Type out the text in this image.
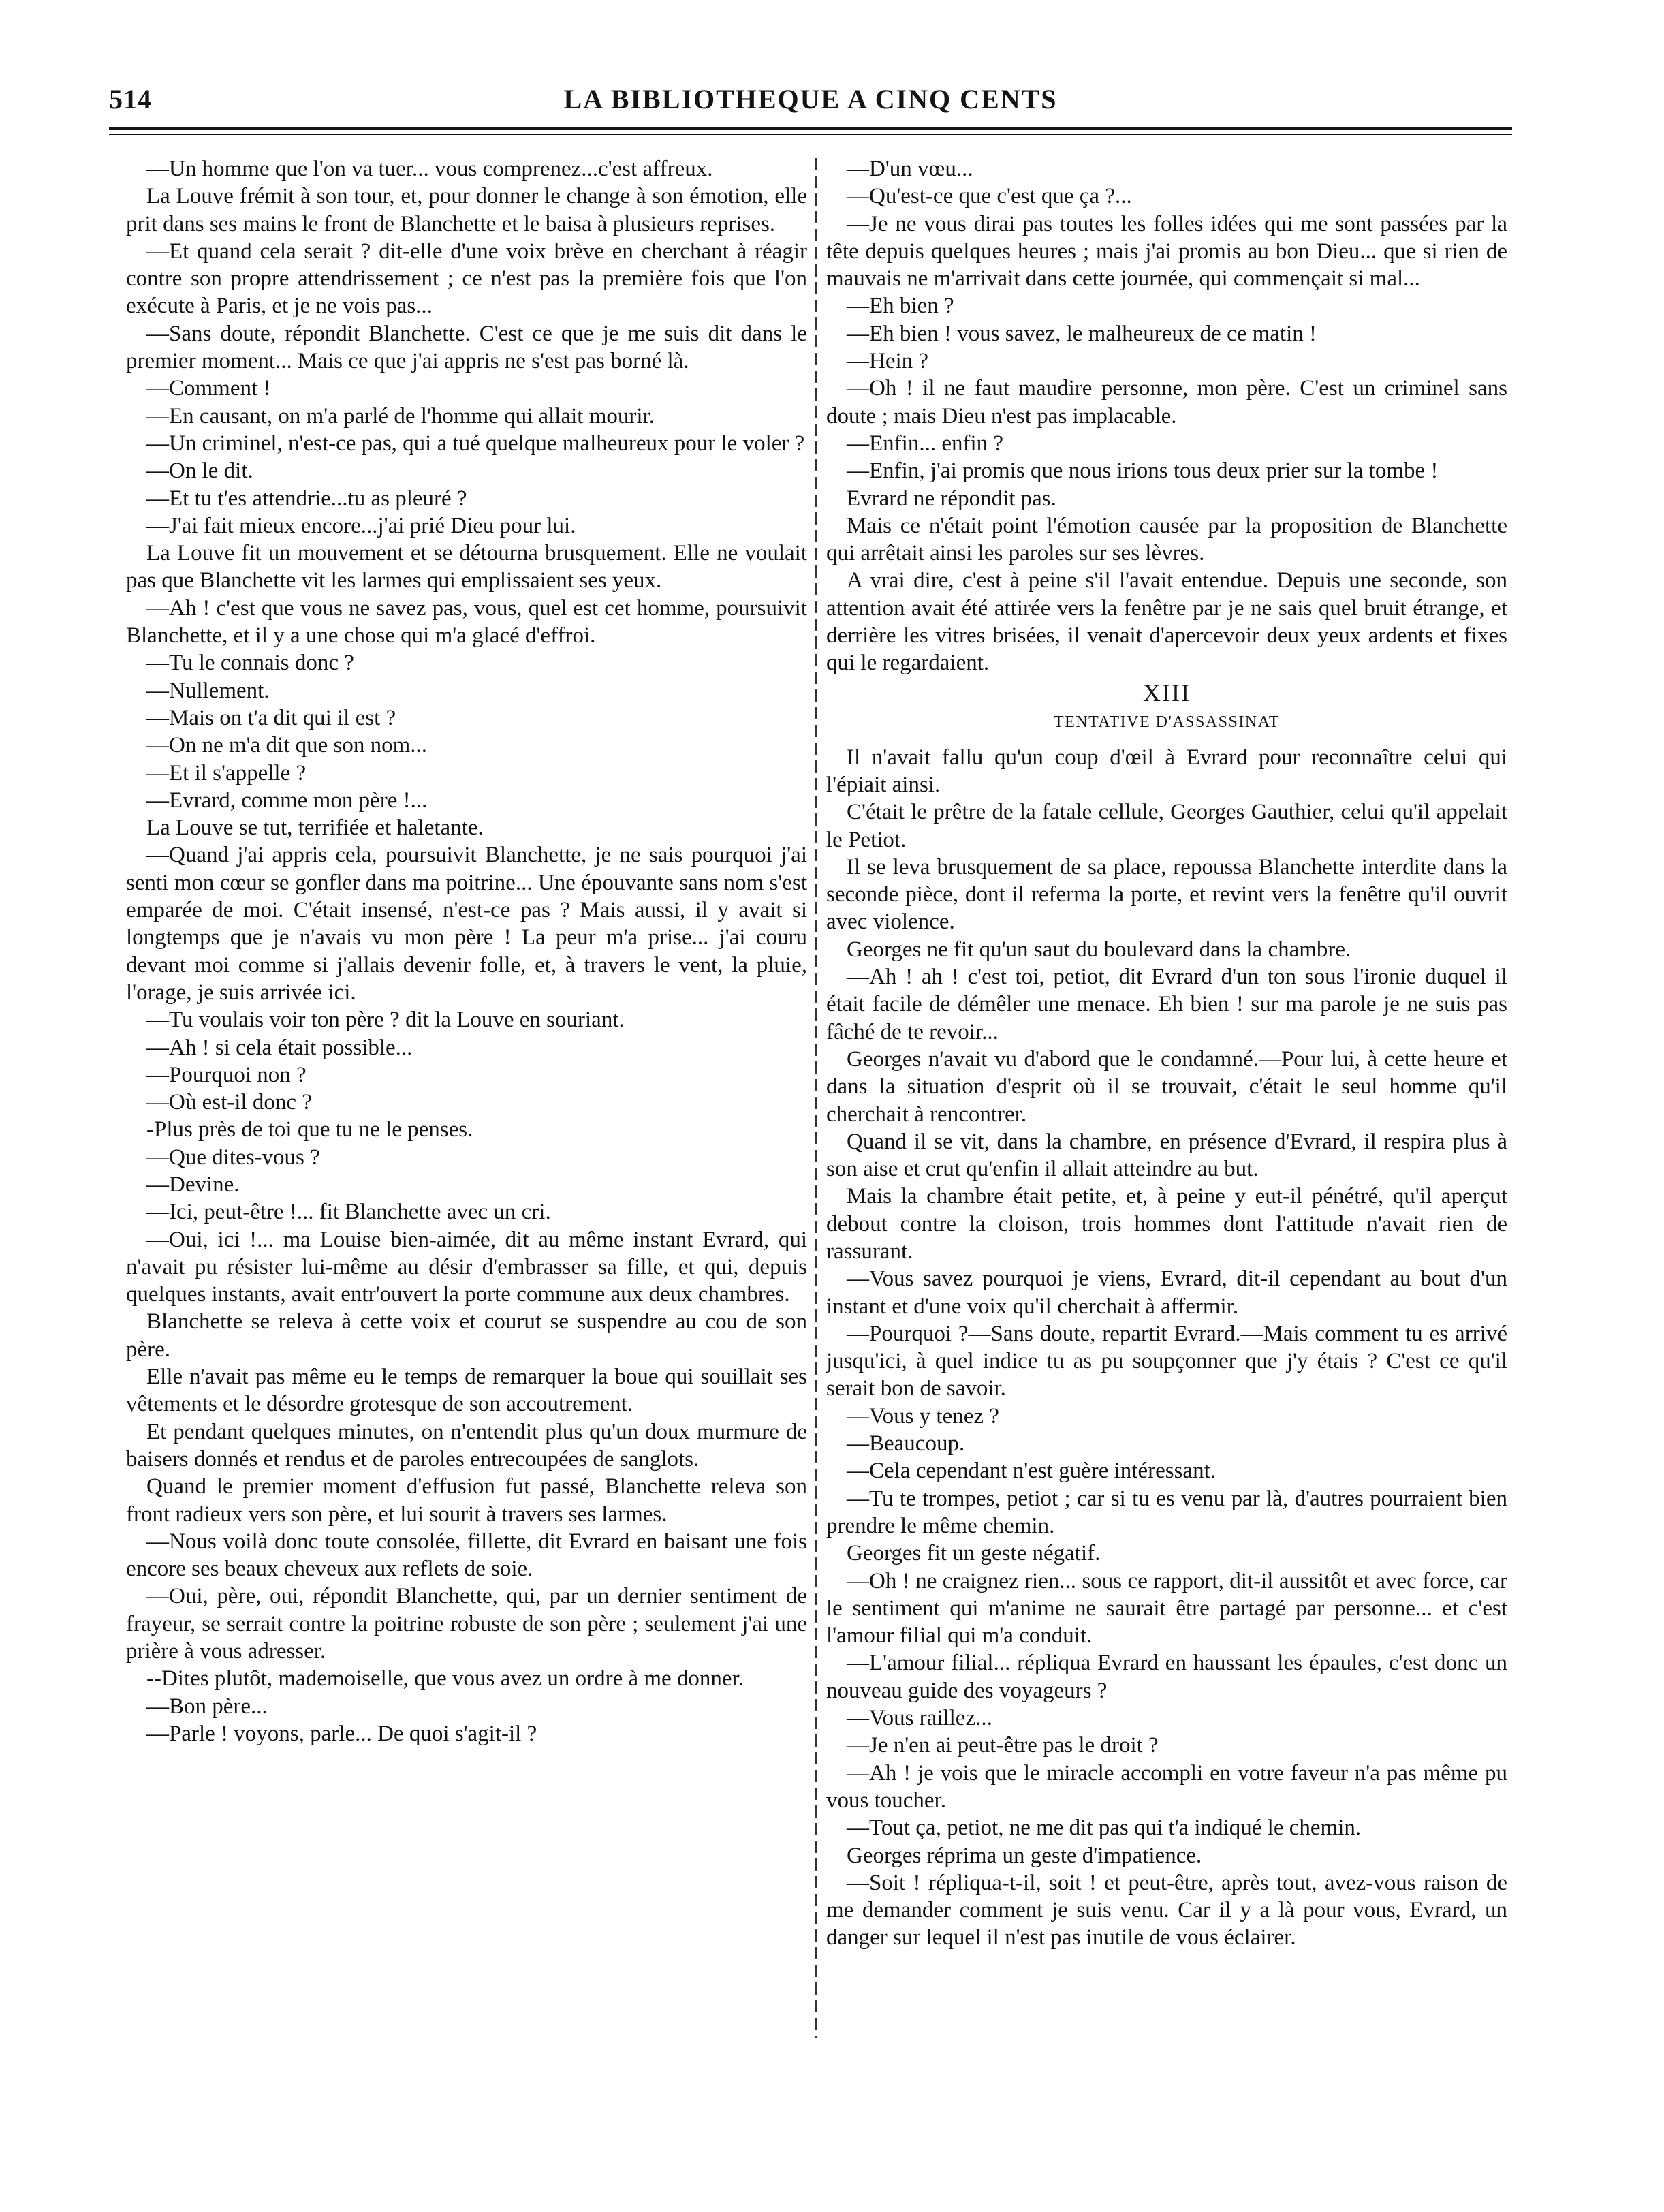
514	LA BIBLIOTHEQUE A CINQ CENTS

—Un homme que l'on va tuer... vous comprenez...c'est affreux.

La Louve frémit à son tour, et, pour donner le change à son émotion, elle prit dans ses mains le front de Blanchette et le baisa à plusieurs reprises.

—Et quand cela serait ? dit-elle d'une voix brève en cherchant à réagir contre son propre attendrissement ; ce n'est pas la première fois que l'on exécute à Paris, et je ne vois pas...

—Sans doute, répondit Blanchette. C'est ce que je me suis dit dans le premier moment... Mais ce que j'ai appris ne s'est pas borné là.

—Comment !

—En causant, on m'a parlé de l'homme qui allait mourir.

—Un criminel, n'est-ce pas, qui a tué quelque malheureux pour le voler ?

—On le dit.

—Et tu t'es attendrie...tu as pleuré ?

—J'ai fait mieux encore...j'ai prié Dieu pour lui.

La Louve fit un mouvement et se détourna brusquement. Elle ne voulait pas que Blanchette vit les larmes qui emplissaient ses yeux.

—Ah ! c'est que vous ne savez pas, vous, quel est cet homme, poursuivit Blanchette, et il y a une chose qui m'a glacé d'effroi.

—Tu le connais donc ?

—Nullement.

—Mais on t'a dit qui il est ?

—On ne m'a dit que son nom...

—Et il s'appelle ?

—Evrard, comme mon père !...

La Louve se tut, terrifiée et haletante.

—Quand j'ai appris cela, poursuivit Blanchette, je ne sais pourquoi j'ai senti mon cœur se gonfler dans ma poitrine... Une épouvante sans nom s'est emparée de moi. C'était insensé, n'est-ce pas ? Mais aussi, il y avait si longtemps que je n'avais vu mon père ! La peur m'a prise... j'ai couru devant moi comme si j'allais devenir folle, et, à travers le vent, la pluie, l'orage, je suis arrivée ici.

—Tu voulais voir ton père ? dit la Louve en souriant.

—Ah ! si cela était possible...

—Pourquoi non ?

—Où est-il donc ?

-Plus près de toi que tu ne le penses.

—Que dites-vous ?

—Devine.

—Ici, peut-être !... fit Blanchette avec un cri.

—Oui, ici !... ma Louise bien-aimée, dit au même instant Evrard, qui n'avait pu résister lui-même au désir d'embrasser sa fille, et qui, depuis quelques instants, avait entr'ouvert la porte commune aux deux chambres.

Blanchette se releva à cette voix et courut se suspendre au cou de son père.

Elle n'avait pas même eu le temps de remarquer la boue qui souillait ses vêtements et le désordre grotesque de son accoutrement.

Et pendant quelques minutes, on n'entendit plus qu'un doux murmure de baisers donnés et rendus et de paroles entrecoupées de sanglots.

Quand le premier moment d'effusion fut passé, Blanchette releva son front radieux vers son père, et lui sourit à travers ses larmes.

—Nous voilà donc toute consolée, fillette, dit Evrard en baisant une fois encore ses beaux cheveux aux reflets de soie.

—Oui, père, oui, répondit Blanchette, qui, par un dernier sentiment de frayeur, se serrait contre la poitrine robuste de son père ; seulement j'ai une prière à vous adresser.

--Dites plutôt, mademoiselle, que vous avez un ordre à me donner.

—Bon père...

—Parle ! voyons, parle... De quoi s'agit-il ?

—D'un vœu...

—Qu'est-ce que c'est que ça ?...

—Je ne vous dirai pas toutes les folles idées qui me sont passées par la tête depuis quelques heures ; mais j'ai promis au bon Dieu... que si rien de mauvais ne m'arrivait dans cette journée, qui commençait si mal...

—Eh bien ?

—Eh bien ! vous savez, le malheureux de ce matin !

—Hein ?

—Oh ! il ne faut maudire personne, mon père. C'est un criminel sans doute ; mais Dieu n'est pas implacable.

—Enfin... enfin ?

—Enfin, j'ai promis que nous irions tous deux prier sur la tombe !

Evrard ne répondit pas.

Mais ce n'était point l'émotion causée par la proposition de Blanchette qui arrêtait ainsi les paroles sur ses lèvres.

A vrai dire, c'est à peine s'il l'avait entendue. Depuis une seconde, son attention avait été attirée vers la fenêtre par je ne sais quel bruit étrange, et derrière les vitres brisées, il venait d'apercevoir deux yeux ardents et fixes qui le regardaient.

XIII

TENTATIVE D'ASSASSINAT

Il n'avait fallu qu'un coup d'œil à Evrard pour reconnaître celui qui l'épiait ainsi.

C'était le prêtre de la fatale cellule, Georges Gauthier, celui qu'il appelait le Petiot.

Il se leva brusquement de sa place, repoussa Blanchette interdite dans la seconde pièce, dont il referma la porte, et revint vers la fenêtre qu'il ouvrit avec violence.

Georges ne fit qu'un saut du boulevard dans la chambre.

—Ah ! ah ! c'est toi, petiot, dit Evrard d'un ton sous l'ironie duquel il était facile de démêler une menace. Eh bien ! sur ma parole je ne suis pas fâché de te revoir...

Georges n'avait vu d'abord que le condamné.—Pour lui, à cette heure et dans la situation d'esprit où il se trouvait, c'était le seul homme qu'il cherchait à rencontrer.

Quand il se vit, dans la chambre, en présence d'Evrard, il respira plus à son aise et crut qu'enfin il allait atteindre au but.

Mais la chambre était petite, et, à peine y eut-il pénétré, qu'il aperçut debout contre la cloison, trois hommes dont l'attitude n'avait rien de rassurant.

—Vous savez pourquoi je viens, Evrard, dit-il cependant au bout d'un instant et d'une voix qu'il cherchait à affermir.

—Pourquoi ?—Sans doute, repartit Evrard.—Mais comment tu es arrivé jusqu'ici, à quel indice tu as pu soupçonner que j'y étais ? C'est ce qu'il serait bon de savoir.

—Vous y tenez ?

—Beaucoup.

—Cela cependant n'est guère intéressant.

—Tu te trompes, petiot ; car si tu es venu par là, d'autres pourraient bien prendre le même chemin.

Georges fit un geste négatif.

—Oh ! ne craignez rien... sous ce rapport, dit-il aussitôt et avec force, car le sentiment qui m'anime ne saurait être partagé par personne... et c'est l'amour filial qui m'a conduit.

—L'amour filial... répliqua Evrard en haussant les épaules, c'est donc un nouveau guide des voyageurs ?

—Vous raillez...

—Je n'en ai peut-être pas le droit ?

—Ah ! je vois que le miracle accompli en votre faveur n'a pas même pu vous toucher.

—Tout ça, petiot, ne me dit pas qui t'a indiqué le chemin.

Georges réprima un geste d'impatience.

—Soit ! répliqua-t-il, soit ! et peut-être, après tout, avez-vous raison de me demander comment je suis venu. Car il y a là pour vous, Evrard, un danger sur lequel il n'est pas inutile de vous éclairer.
